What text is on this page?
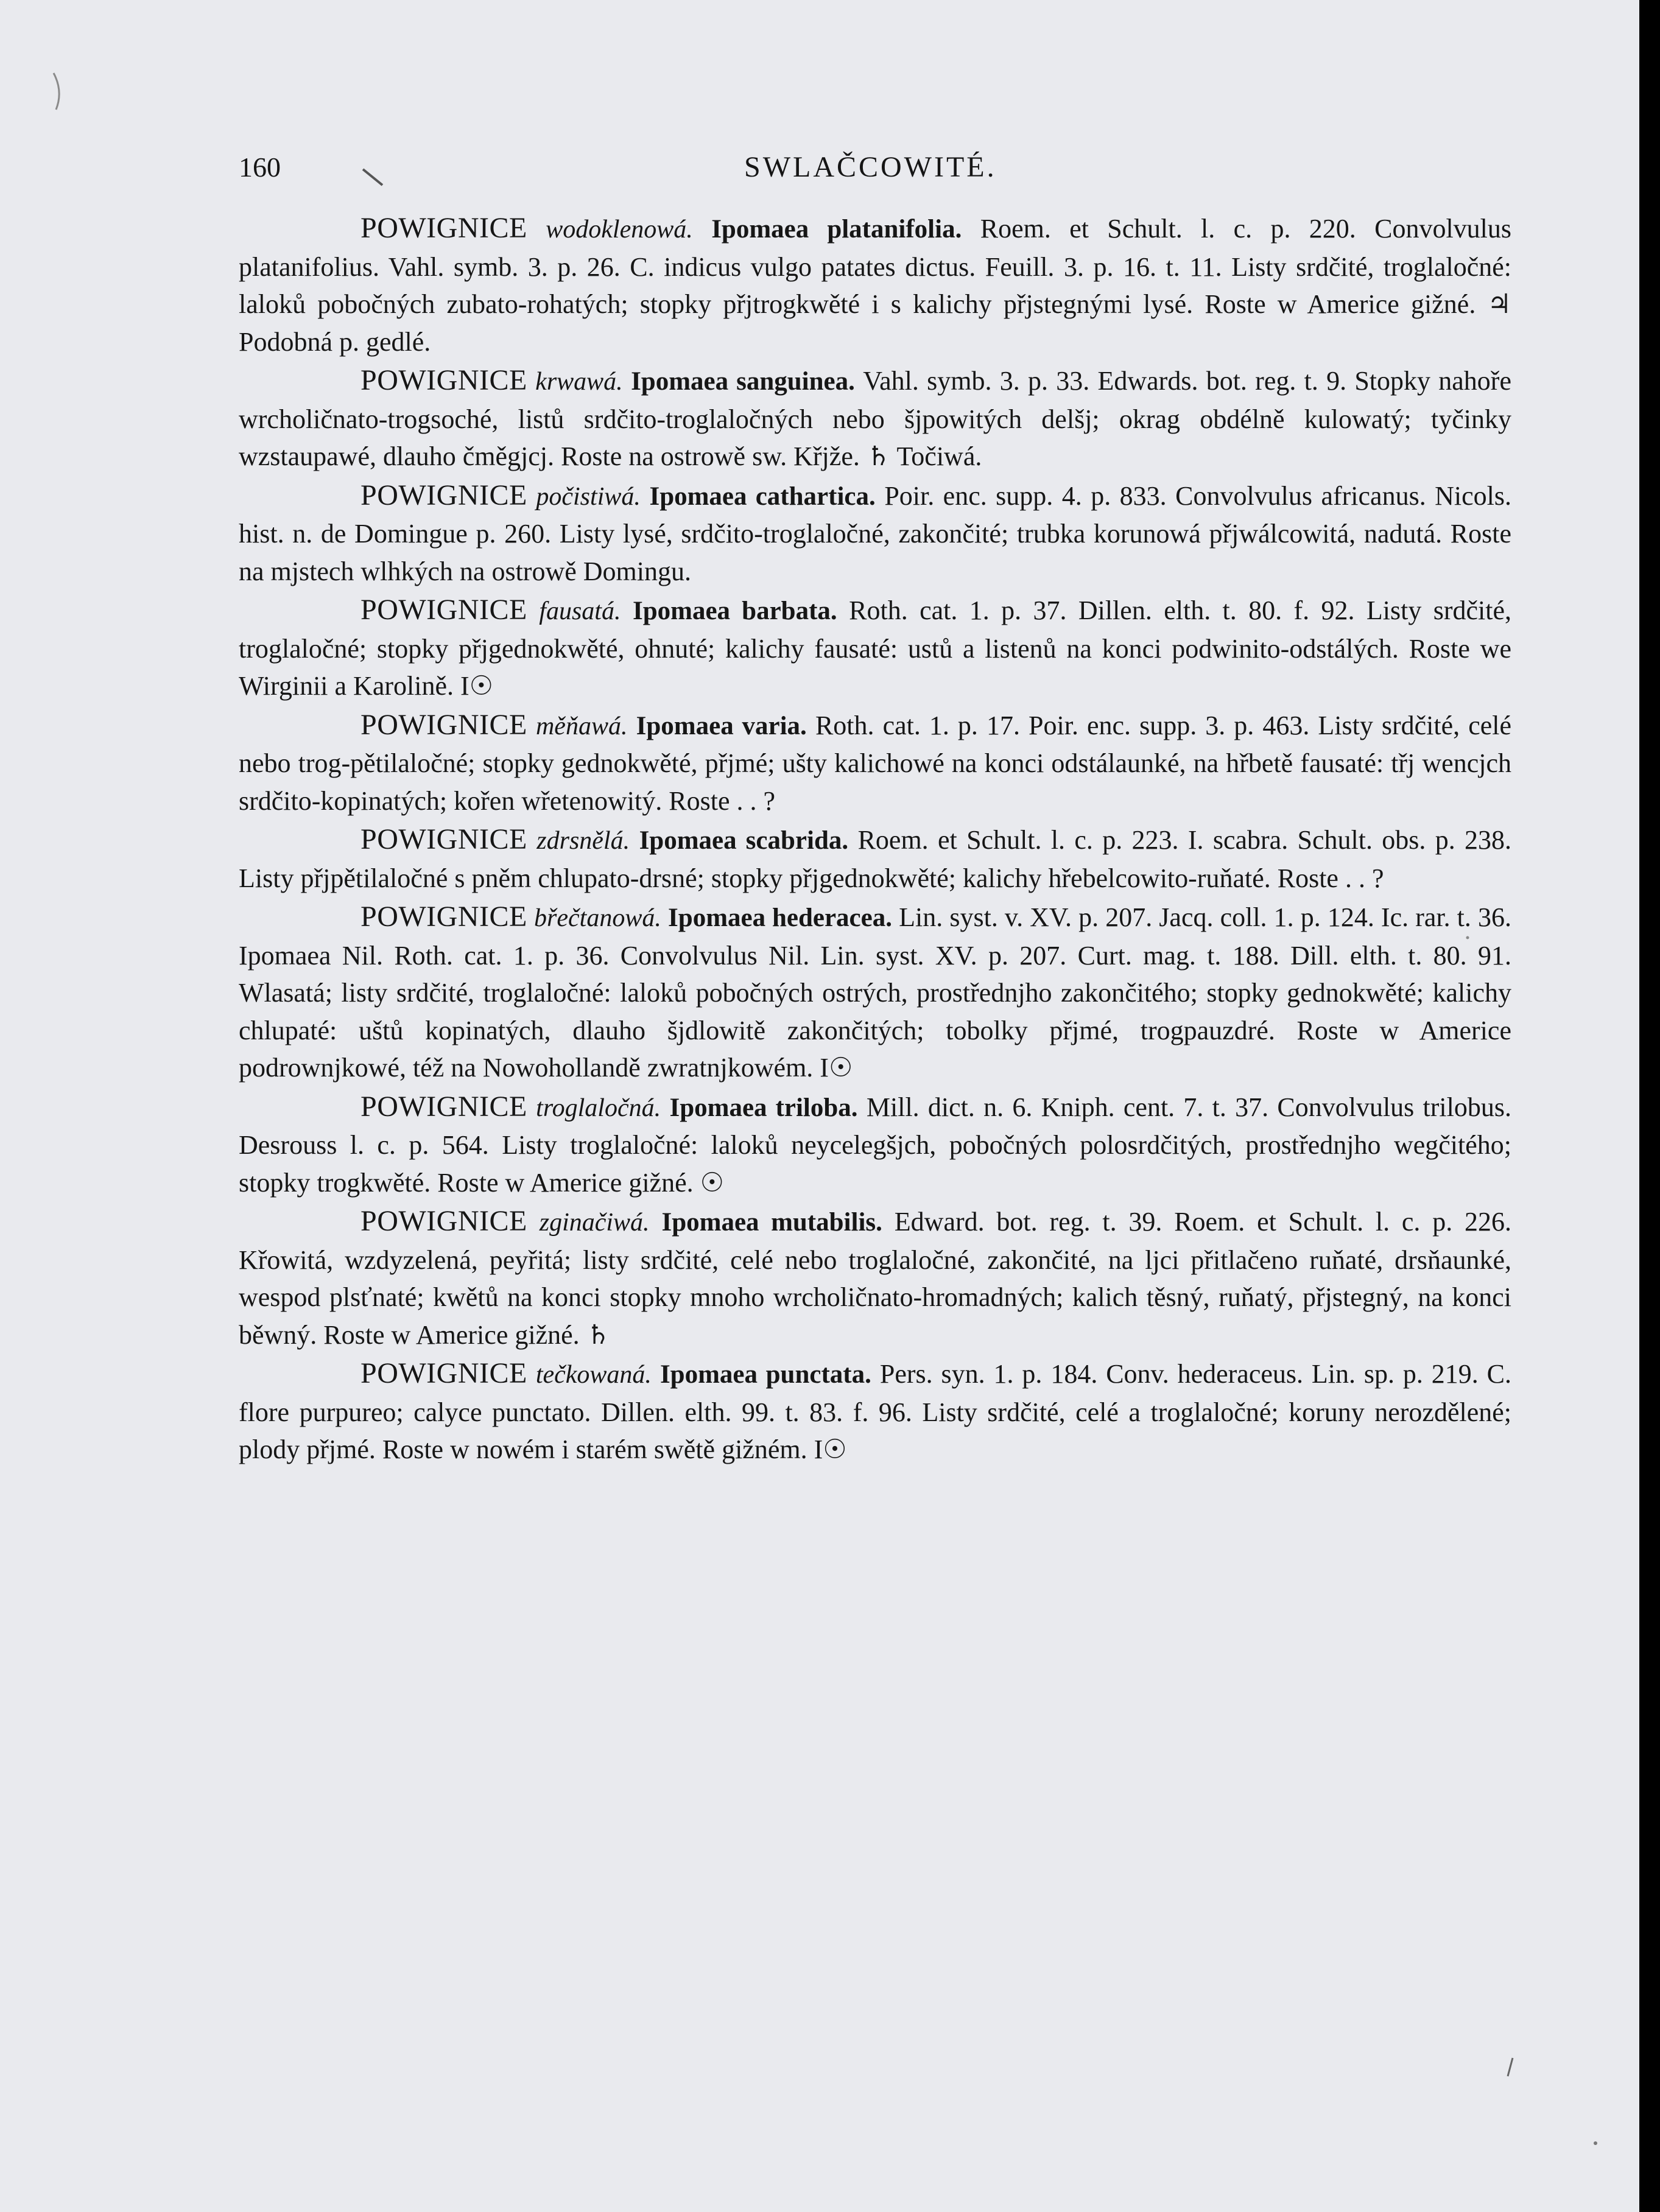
160	SWLAČCOWITÉ.

POWIGNICE wodoklenowá. Ipomaea platanifolia. Roem. et Schult. l. c. p. 220. Convolvulus platanifolius. Vahl. symb. 3. p. 26. C. indicus vulgo patates dictus. Feuill. 3. p. 16. t. 11. Listy srdčité, troglaločné: laloků pobočných zubato-rohatých; stopky přjtrogkwěté i s kalichy přjstegnými lysé. Roste w Americe gižné. ♃ Podobná p. gedlé.

POWIGNICE krwawá. Ipomaea sanguinea. Vahl. symb. 3. p. 33. Edwards. bot. reg. t. 9. Stopky nahoře wrcholičnato-trogsoché, listů srdčito-troglaločných nebo šjpowitých delšj; okrag obdélně kulowatý; tyčinky wzstaupawé, dlauho čměgjcj. Roste na ostrowě sw. Křjže. ♄ Točiwá.

POWIGNICE počistiwá. Ipomaea cathartica. Poir. enc. supp. 4. p. 833. Convolvulus africanus. Nicols. hist. n. de Domingue p. 260. Listy lysé, srdčito-troglaločné, zakončité; trubka korunowá přjwálcowitá, nadutá. Roste na mjstech wlhkých na ostrowě Domingu.

POWIGNICE fausatá. Ipomaea barbata. Roth. cat. 1. p. 37. Dillen. elth. t. 80. f. 92. Listy srdčité, troglaločné; stopky přjgednokwěté, ohnuté; kalichy fausaté: ustů a listenů na konci podwinito-odstálých. Roste we Wirginii a Karolině. I☉

POWIGNICE měňawá. Ipomaea varia. Roth. cat. 1. p. 17. Poir. enc. supp. 3. p. 463. Listy srdčité, celé nebo trog-pětilaločné; stopky gednokwěté, přjmé; ušty kalichowé na konci odstálaunké, na hřbetě fausaté: třj wencjch srdčito-kopinatých; kořen wřetenowitý. Roste . . ?

POWIGNICE zdrsnělá. Ipomaea scabrida. Roem. et Schult. l. c. p. 223. I. scabra. Schult. obs. p. 238. Listy přjpětilaločné s pněm chlupato-drsné; stopky přjgednokwěté; kalichy hřebelcowito-ruňaté. Roste . . ?

POWIGNICE břečtanowá. Ipomaea hederacea. Lin. syst. v. XV. p. 207. Jacq. coll. 1. p. 124. Ic. rar. t. 36. Ipomaea Nil. Roth. cat. 1. p. 36. Convolvulus Nil. Lin. syst. XV. p. 207. Curt. mag. t. 188. Dill. elth. t. 80. 91. Wlasatá; listy srdčité, troglaločné: laloků pobočných ostrých, prostřednjho zakončitého; stopky gednokwěté; kalichy chlupaté: uštů kopinatých, dlauho šjdlowitě zakončitých; tobolky přjmé, trogpauzdré. Roste w Americe podrownjkowé, též na Nowohollandě zwratnjkowém. I☉

POWIGNICE troglaločná. Ipomaea triloba. Mill. dict. n. 6. Kniph. cent. 7. t. 37. Convolvulus trilobus. Desrouss l. c. p. 564. Listy troglaločné: laloků neycelegšjch, pobočných polosrdčitých, prostřednjho wegčitého; stopky trogkwěté. Roste w Americe gižné. ☉

POWIGNICE zginačiwá. Ipomaea mutabilis. Edward. bot. reg. t. 39. Roem. et Schult. l. c. p. 226. Křowitá, wzdyzelená, peyřitá; listy srdčité, celé nebo troglaločné, zakončité, na ljci přitlačeno ruňaté, drsňaunké, wespod plsťnaté; kwětů na konci stopky mnoho wrcholičnato-hromadných; kalich těsný, ruňatý, přjstegný, na konci běwný. Roste w Americe gižné. ♄

POWIGNICE tečkowaná. Ipomaea punctata. Pers. syn. 1. p. 184. Conv. hederaceus. Lin. sp. p. 219. C. flore purpureo; calyce punctato. Dillen. elth. 99. t. 83. f. 96. Listy srdčité, celé a troglaločné; koruny nerozdělené; plody přjmé. Roste w nowém i starém swětě gižném. I☉
